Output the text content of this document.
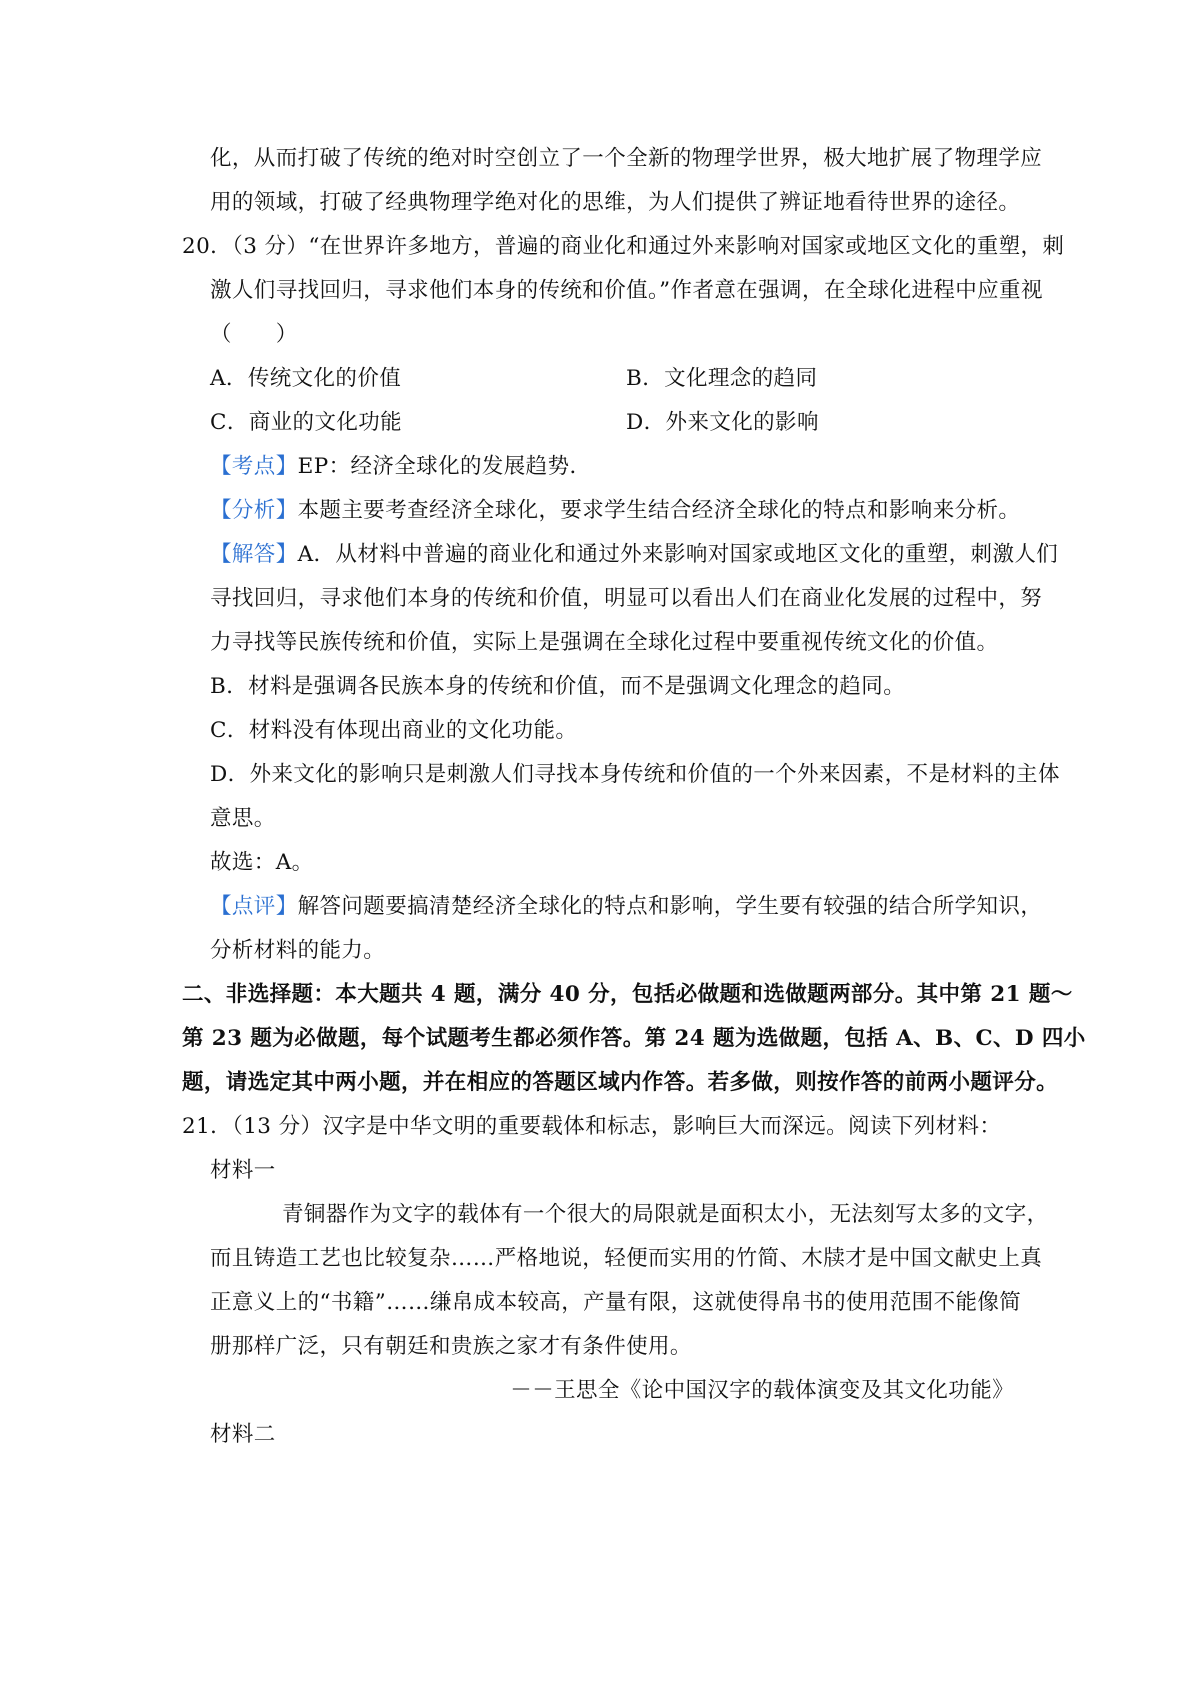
化，从而打破了传统的绝对时空创立了一个全新的物理学世界，极大地扩展了物理学应
用的领域，打破了经典物理学绝对化的思维，为人们提供了辨证地看待世界的途径。
20．（3 分）“在世界许多地方，普遍的商业化和通过外来影响对国家或地区文化的重塑，刺
激人们寻找回归，寻求他们本身的传统和价值。”作者意在强调，在全球化进程中应重视
（　　）
A．传统文化的价值	B．文化理念的趋同
C．商业的文化功能	D．外来文化的影响
【考点】EP：经济全球化的发展趋势．
【分析】本题主要考查经济全球化，要求学生结合经济全球化的特点和影响来分析。
【解答】A．从材料中普遍的商业化和通过外来影响对国家或地区文化的重塑，刺激人们
寻找回归，寻求他们本身的传统和价值，明显可以看出人们在商业化发展的过程中，努
力寻找等民族传统和价值，实际上是强调在全球化过程中要重视传统文化的价值。
B．材料是强调各民族本身的传统和价值，而不是强调文化理念的趋同。
C．材料没有体现出商业的文化功能。
D．外来文化的影响只是刺激人们寻找本身传统和价值的一个外来因素，不是材料的主体
意思。
故选：A。
【点评】解答问题要搞清楚经济全球化的特点和影响，学生要有较强的结合所学知识，
分析材料的能力。
二、非选择题：本大题共 4 题，满分 40 分，包括必做题和选做题两部分。其中第 21 题～
第 23 题为必做题，每个试题考生都必须作答。第 24 题为选做题，包括 A、B、C、D 四小
题，请选定其中两小题，并在相应的答题区域内作答。若多做，则按作答的前两小题评分。
21．（13 分）汉字是中华文明的重要载体和标志，影响巨大而深远。阅读下列材料：
材料一
青铜器作为文字的载体有一个很大的局限就是面积太小，无法刻写太多的文字，
而且铸造工艺也比较复杂……严格地说，轻便而实用的竹简、木牍才是中国文献史上真
正意义上的“书籍”……缣帛成本较高，产量有限，这就使得帛书的使用范围不能像简
册那样广泛，只有朝廷和贵族之家才有条件使用。
－－王思全《论中国汉字的载体演变及其文化功能》
材料二
